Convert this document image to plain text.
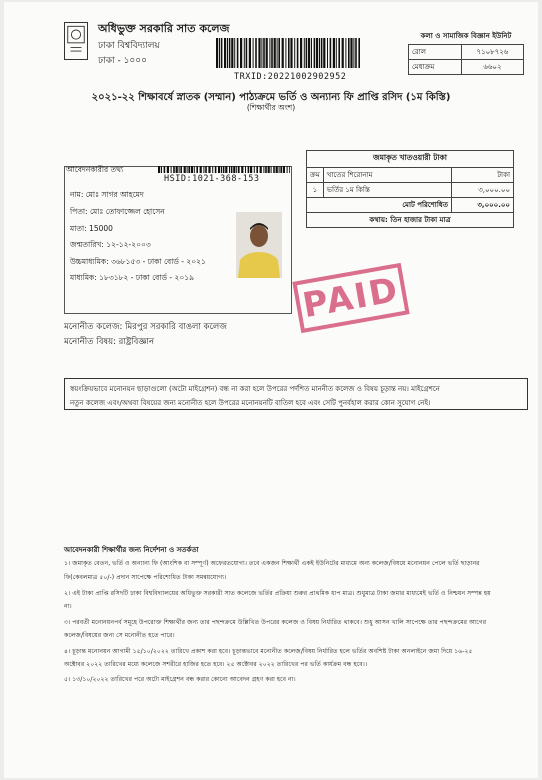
অধিভুক্ত সরকারি সাত কলেজ
ঢাকা বিশ্ববিদ্যালয়
ঢাকা - ১০০০
TRXID:20221002902952
কলা ও সামাজিক বিজ্ঞান ইউনিট
রোল	৭১০৮৭২৬
মেধাক্রম	৬৬০২
২০২১-২২ শিক্ষাবর্ষে স্নাতক (সম্মান) পাঠ্যক্রমে ভর্তি ও অন্যান্য ফি প্রাপ্তি রসিদ (১ম কিস্তি)
(শিক্ষার্থীর অংশ)
আবেদনকারীর তথ্য
HSID:1021-368-153
নাম: মোঃ সাগর আহমেদ
পিতা: মোঃ তোফাজ্জেল হোসেন
মাতা: 15000
জন্মতারিখ: ১২-১২-২০০৩
উচ্চমাধ্যমিক: ৩৬৮১৫৩ - ঢাকা বোর্ড - ২০২১
মাধ্যমিক: ১৮৩১৮২ - ঢাকা বোর্ড - ২০১৯
জমাকৃত খাতওয়ারী টাকা
ক্রম	খাতের শিরোনাম	টাকা
১	ভর্তির ১ম কিস্তি	৩,০০০.০০
মোট পরিশোধিত		৩,০০০.০০
কথায়: তিন হাজার টাকা মাত্র		
PAID
মনোনীত কলেজ: মিরপুর সরকারি বাঙলা কলেজ
মনোনীত বিষয়: রাষ্ট্রবিজ্ঞান
স্বয়ংক্রিয়ভাবে মনোনয়ন ছাড়াগুলো (অটো মাইগ্রেশন) বন্ধ না করা হলে উপরের পর্দশিত মাননীত কলেজ ও বিষয় চূড়ান্ত নয়। মাইগ্রেশনে
নতুন কলেজ এবং/অথবা বিষয়ের জন্য মনোনীত হলে উপরের মনোনয়নটি বাতিল হবে এবং সেটি পুনর্বহাল করার কোন সুযোগ নেই।
আবেদনকারী শিক্ষার্থীর জন্য নির্দেশনা ও সতর্কতা
১। জমাকৃত বেতন, ভর্তি ও অন্যান্য ফি (আংশিক বা সম্পূর্ণ) অফেরতযোগ্য। তবে একজন শিক্ষার্থী একই ইউনিটের মাধ্যমে অন্য কলেজ/বিষয়ে মনোনয়ন পেলে ভর্তি ছাড়ানর
ফি(কেবলমাত্র ৫০/-) প্রদান সাপেক্ষে পরিশোধিত টাকা সমন্বয়যোগ্য।
২। এই টাকা প্রাপ্তি রসিদটি ঢাকা বিশ্ববিদ্যালয়ের অধিভুক্ত সরকারী সাত কলেজে ভর্তির প্রক্রিয়া শুরুর প্রাথমিক ধাপ মাত্র। শুধুমাত্র টাকা জমার মাধ্যমেই ভর্তি ও নিশ্চয়ন সম্পন্ন হয়
না।
৩। পরবর্তী মনোনয়নপর্ব সমূহে উপরোক্ত শিক্ষার্থীর জন্য তার পছন্দক্রমে উল্লিখিত উপরের কলেজ ও বিষয় নির্ধারিত থাকবে। শুধু আসন খালি সাপেক্ষে তার পছন্দক্রমের আগের
কলেজ/বিষয়ের জন্য সে মনোনীত হতে পারে।
৪। চূড়ান্ত মনোনয়ন আগামী ১৫/১০/২০২২ তারিখে প্রকাশ করা হবে। চূড়ান্তভাবে মনোনীত কলেজ/বিষয় নির্ধারিত হলে ভর্তির অবশিষ্ট টাকা অনলাইনে জমা দিয়ে ১৬-২৫
অক্টোবর ২০২২ তারিখের মধ্যে কলেজে সশরীরে হাজির হতে হবে। ২৫ অক্টোবর ২০২২ তারিখের পর ভর্তি কার্যক্রম বন্ধ হবে।।
৫। ১৩/১০/২০২২ তারিখের পরে অটো মাইগ্রেশন বন্ধ করার কোনো আবেদন গ্রহণ করা হবে না।
